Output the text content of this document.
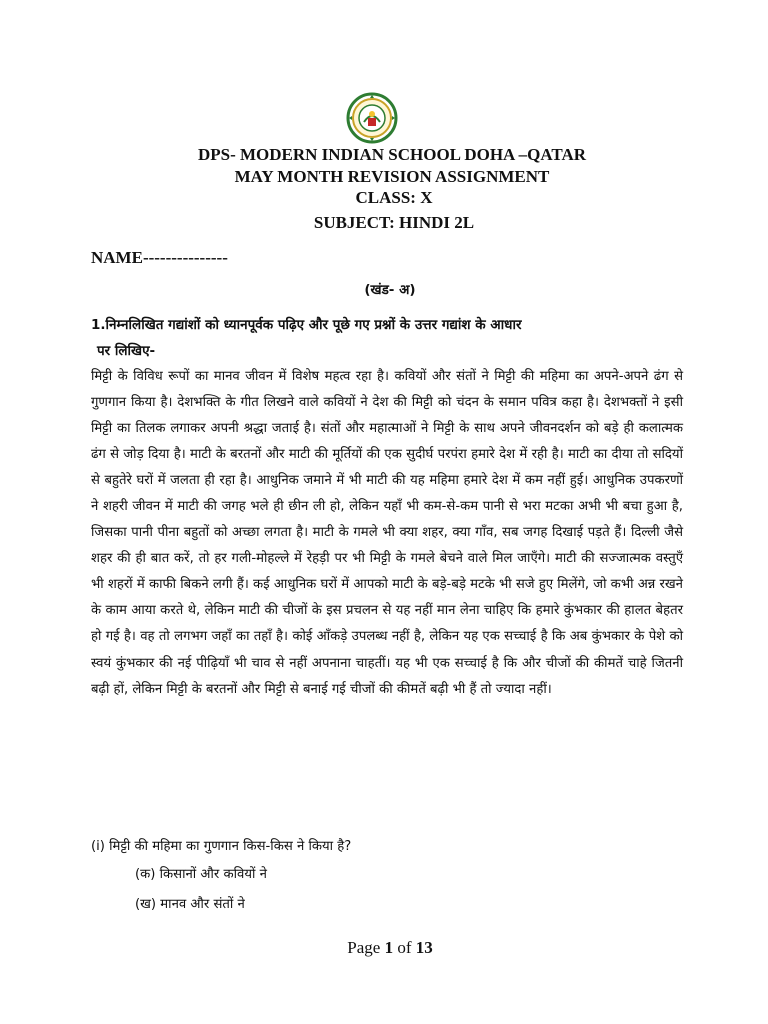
DPS- MODERN INDIAN SCHOOL DOHA –QATAR
MAY MONTH REVISION ASSIGNMENT
CLASS: X
SUBJECT: HINDI 2L
NAME---------------
(खंड- अ)
1.निम्नलिखित गद्यांशों को ध्यानपूर्वक पढ़िए और पूछे गए प्रश्नों के उत्तर गद्यांश के आधार
पर लिखिए-
मिट्टी के विविध रूपों का मानव जीवन में विशेष महत्व रहा है। कवियों और संतों ने मिट्टी की महिमा का अपने-अपने ढंग से गुणगान किया है। देशभक्ति के गीत लिखने वाले कवियों ने देश की मिट्टी को चंदन के समान पवित्र कहा है। देशभक्तों ने इसी मिट्टी का तिलक लगाकर अपनी श्रद्धा जताई है। संतों और महात्माओं ने मिट्टी के साथ अपने जीवनदर्शन को बड़े ही कलात्मक ढंग से जोड़ दिया है। माटी के बरतनों और माटी की मूर्तियों की एक सुदीर्घ परपंरा हमारे देश में रही है। माटी का दीया तो सदियों से बहुतेरे घरों में जलता ही रहा है। आधुनिक जमाने में भी माटी की यह महिमा हमारे देश में कम नहीं हुई। आधुनिक उपकरणों ने शहरी जीवन में माटी की जगह भले ही छीन ली हो, लेकिन यहाँ भी कम-से-कम पानी से भरा मटका अभी भी बचा हुआ है, जिसका पानी पीना बहुतों को अच्छा लगता है। माटी के गमले भी क्या शहर, क्या गाँव, सब जगह दिखाई पड़ते हैं। दिल्ली जैसे शहर की ही बात करें, तो हर गली-मोहल्ले में रेहड़ी पर भी मिट्टी के गमले बेचने वाले मिल जाएँगे। माटी की सज्जात्मक वस्तुएँ भी शहरों में काफी बिकने लगी हैं। कई आधुनिक घरों में आपको माटी के बड़े-बड़े मटके भी सजे हुए मिलेंगे, जो कभी अन्न रखने के काम आया करते थे, लेकिन माटी की चीजों के इस प्रचलन से यह नहीं मान लेना चाहिए कि हमारे कुंभकार की हालत बेहतर हो गई है। वह तो लगभग जहाँ का तहाँ है। कोई आँकड़े उपलब्ध नहीं है, लेकिन यह एक सच्चाई है कि अब कुंभकार के पेशे को स्वयं कुंभकार की नई पीढ़ियाँ भी चाव से नहीं अपनाना चाहतीं। यह भी एक सच्चाई है कि और चीजों की कीमतें चाहे जितनी बढ़ी हों, लेकिन मिट्टी के बरतनों और मिट्टी से बनाई गई चीजों की कीमतें बढ़ी भी हैं तो ज्यादा नहीं।
(i) मिट्टी की महिमा का गुणगान किस-किस ने किया है?
(क) किसानों और कवियों ने
(ख) मानव और संतों ने
Page 1 of 13
